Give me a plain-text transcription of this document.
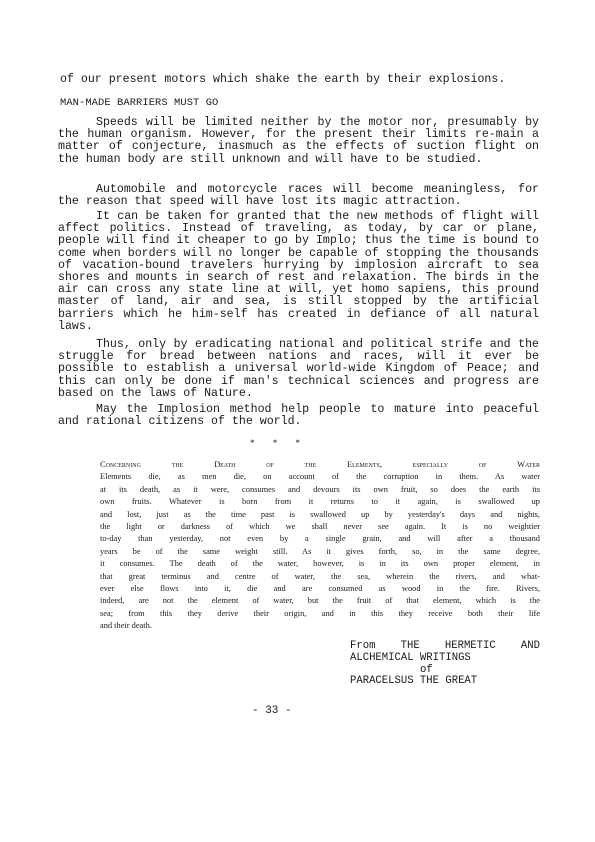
of our present motors which shake the earth by their explosions.
MAN-MADE BARRIERS MUST GO

Speeds will be limited neither by the motor nor, presumably by the human organism. However, for the present their limits re-main a matter of conjecture, inasmuch as the effects of suction flight on the human body are still unknown and will have to be studied.

Automobile and motorcycle races will become meaningless, for the reason that speed will have lost its magic attraction.

It can be taken for granted that the new methods of flight will affect politics. Instead of traveling, as today, by car or plane, people will find it cheaper to go by Implo; thus the time is bound to come when borders will no longer be capable of stopping the thousands of vacation-bound travelers hurrying by implosion aircraft to sea shores and mounts in search of rest and relaxation. The birds in the air can cross any state line at will, yet homo sapiens, this pround master of land, air and sea, is still stopped by the artificial barriers which he him-self has created in defiance of all natural laws.

Thus, only by eradicating national and political strife and the struggle for bread between nations and races, will it ever be possible to establish a universal world-wide Kingdom of Peace; and this can only be done if man's technical sciences and progress are based on the laws of Nature.

May the Implosion method help people to mature into peaceful and rational citizens of the world.

* * *

Concerning the Death of the Elements, especially of Water
Elements die, as men die, on account of the corruption in them. As water
at its death, as it were, consumes and devours its own fruit, so does the earth its
own fruits. Whatever is born from it returns to it again, is swallowed up
and lost, just as the time past is swallowed up by yesterday's days and nights,
the light or darkness of which we shall never see again. It is no weightier
to-day than yesterday, not even by a single grain, and will after a thousand
years be of the same weight still. As it gives forth, so, in the same degree,
it consumes. The death of the water, however, is in its own proper element, in
that great terminus and centre of water, the sea, wherein the rivers, and what-
ever else flows into it, die and are consumed as wood in the fire. Rivers,
indeed, are not the element of water, but the fruit of that element, which is the
sea; from this they derive their origin, and in this they receive both their life
and their death.

From THE HERMETIC AND
ALCHEMICAL WRITINGS
of
PARACELSUS THE GREAT
- 33 -
